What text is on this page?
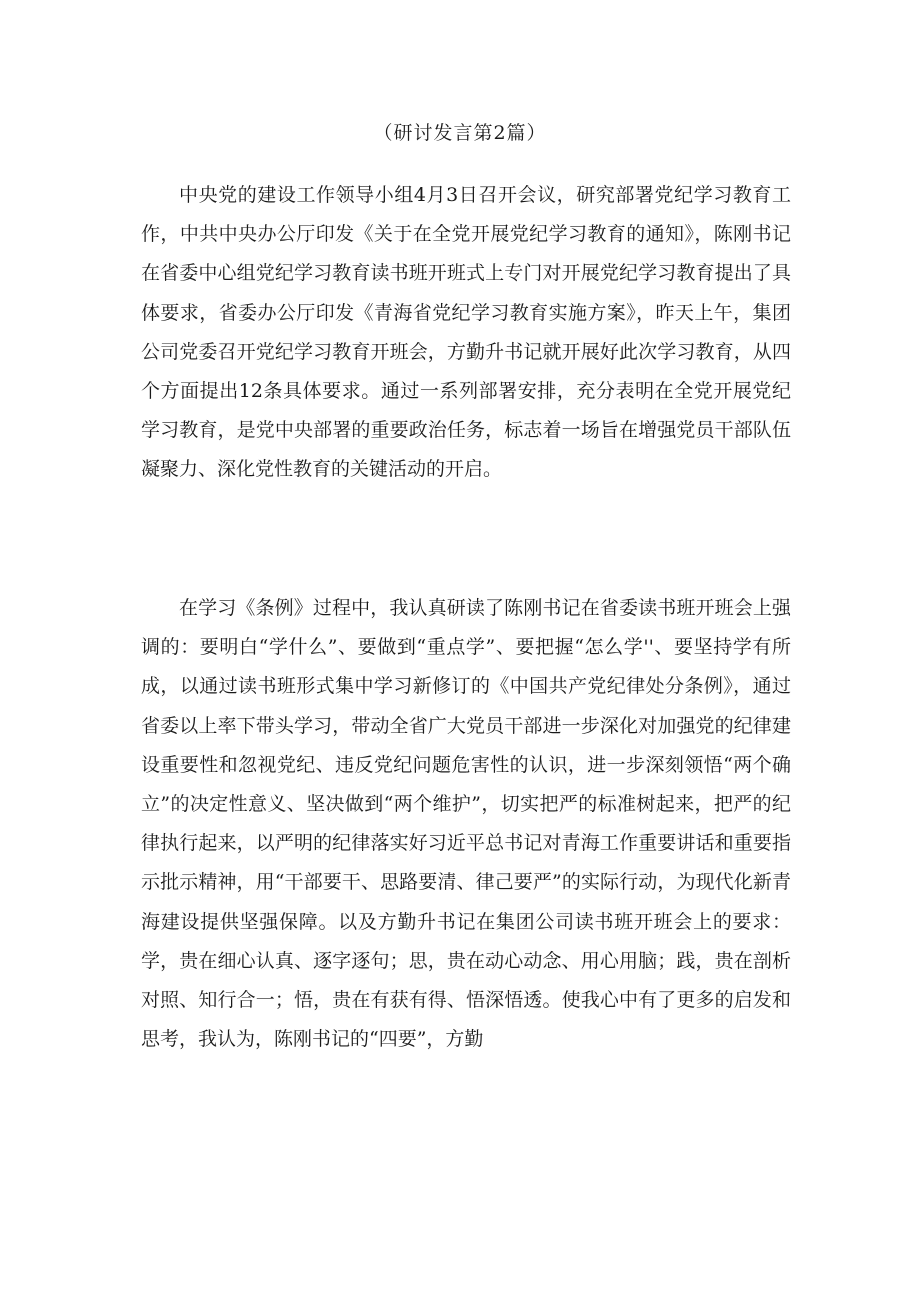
（研讨发言第2篇）

中央党的建设工作领导小组4月3日召开会议，研究部署党纪学习教育工作，中共中央办公厅印发《关于在全党开展党纪学习教育的通知》，陈刚书记在省委中心组党纪学习教育读书班开班式上专门对开展党纪学习教育提出了具体要求，省委办公厅印发《青海省党纪学习教育实施方案》，昨天上午，集团公司党委召开党纪学习教育开班会，方勤升书记就开展好此次学习教育，从四个方面提出12条具体要求。通过一系列部署安排，充分表明在全党开展党纪学习教育，是党中央部署的重要政治任务，标志着一场旨在增强党员干部队伍凝聚力、深化党性教育的关键活动的开启。

在学习《条例》过程中，我认真研读了陈刚书记在省委读书班开班会上强调的：要明白“学什么”、要做到“重点学”、要把握“怎么学''、要坚持学有所成，以通过读书班形式集中学习新修订的《中国共产党纪律处分条例》，通过省委以上率下带头学习，带动全省广大党员干部进一步深化对加强党的纪律建设重要性和忽视党纪、违反党纪问题危害性的认识，进一步深刻领悟“两个确立”的决定性意义、坚决做到“两个维护”，切实把严的标准树起来，把严的纪律执行起来，以严明的纪律落实好习近平总书记对青海工作重要讲话和重要指示批示精神，用“干部要干、思路要清、律己要严”的实际行动，为现代化新青海建设提供坚强保障。以及方勤升书记在集团公司读书班开班会上的要求：学，贵在细心认真、逐字逐句；思，贵在动心动念、用心用脑；践，贵在剖析对照、知行合一；悟，贵在有获有得、悟深悟透。使我心中有了更多的启发和思考，我认为，陈刚书记的“四要”，方勤
